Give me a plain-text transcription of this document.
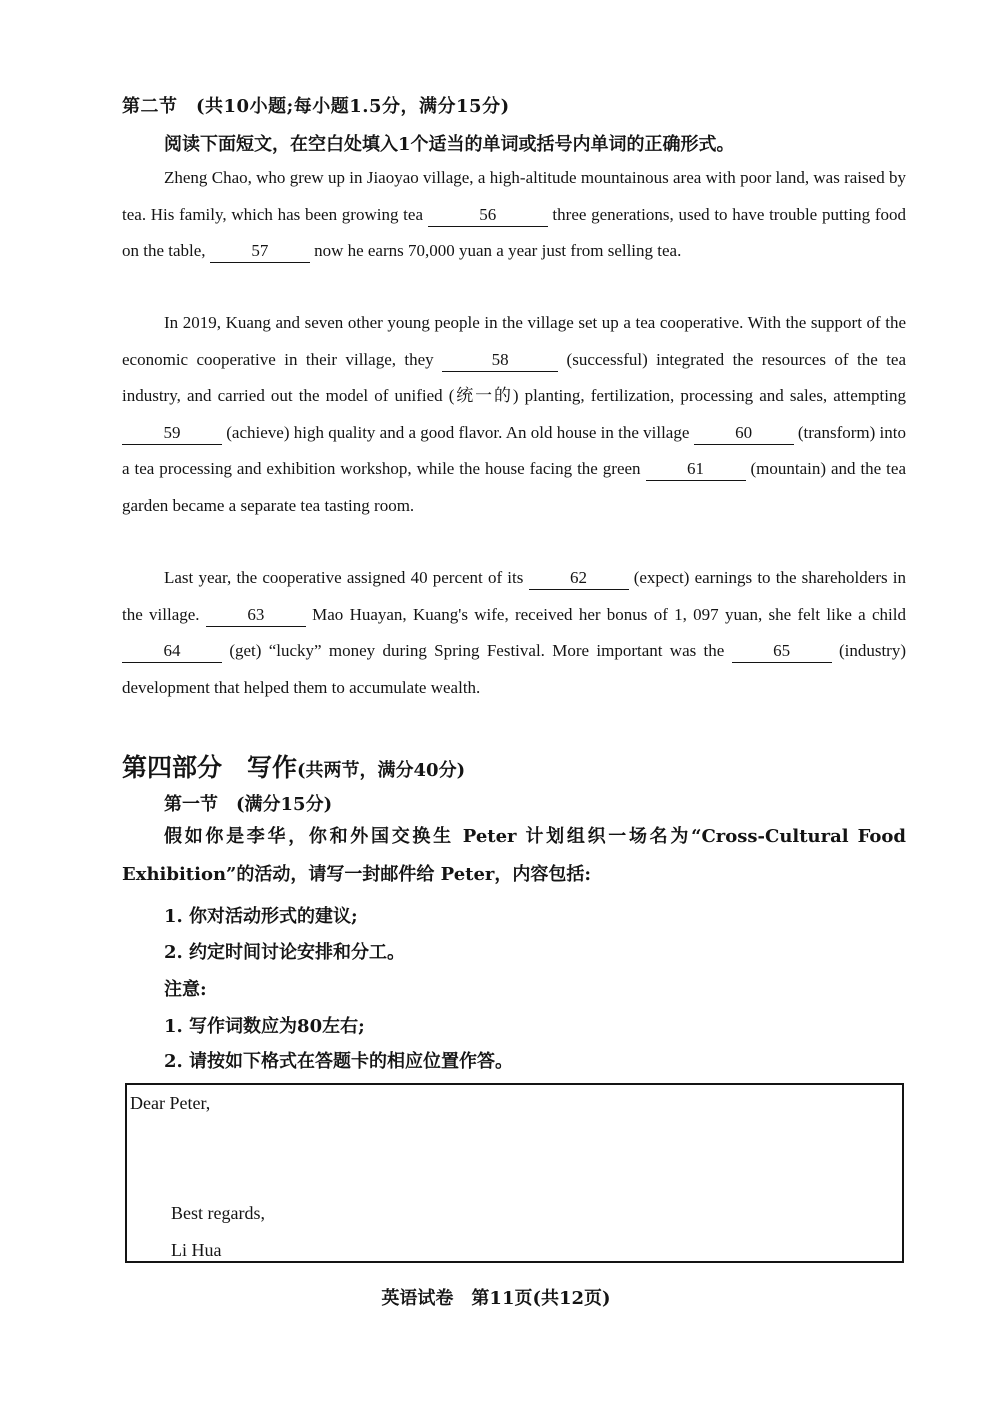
第二节　(共10小题;每小题1.5分，满分15分)
阅读下面短文，在空白处填入1个适当的单词或括号内单词的正确形式。
Zheng Chao, who grew up in Jiaoyao village, a high-altitude mountainous area with poor land, was raised by tea. His family, which has been growing tea	56	three generations, used to have trouble putting food on the table, 57 now he earns 70,000 yuan a year just from selling tea.
In 2019, Kuang and seven other young people in the village set up a tea cooperative. With the support of the economic cooperative in their village, they	58	(successful) integrated the resources of the tea industry, and carried out the model of unified (统一的) planting, fertilization, processing and sales, attempting 59 (achieve) high quality and a good flavor. An old house in the village 60 (transform) into a tea processing and exhibition workshop, while the house facing the green 61 (mountain) and the tea garden became a separate tea tasting room.
Last year, the cooperative assigned 40 percent of its 62 (expect) earnings to the shareholders in the village. 63 Mao Huayan, Kuang's wife, received her bonus of 1, 097 yuan, she felt like a child 64 (get) “lucky” money during Spring Festival. More important was the 65 (industry) development that helped them to accumulate wealth.
第四部分　写作(共两节，满分40分)
第一节　(满分15分)
假如你是李华，你和外国交换生 Peter 计划组织一场名为“Cross-Cultural Food Exhibition”的活动，请写一封邮件给 Peter，内容包括:
1. 你对活动形式的建议;
2. 约定时间讨论安排和分工。
注意:
1. 写作词数应为80左右;
2. 请按如下格式在答题卡的相应位置作答。
Dear Peter,
Best regards,
Li Hua
英语试卷　第11页(共12页)
